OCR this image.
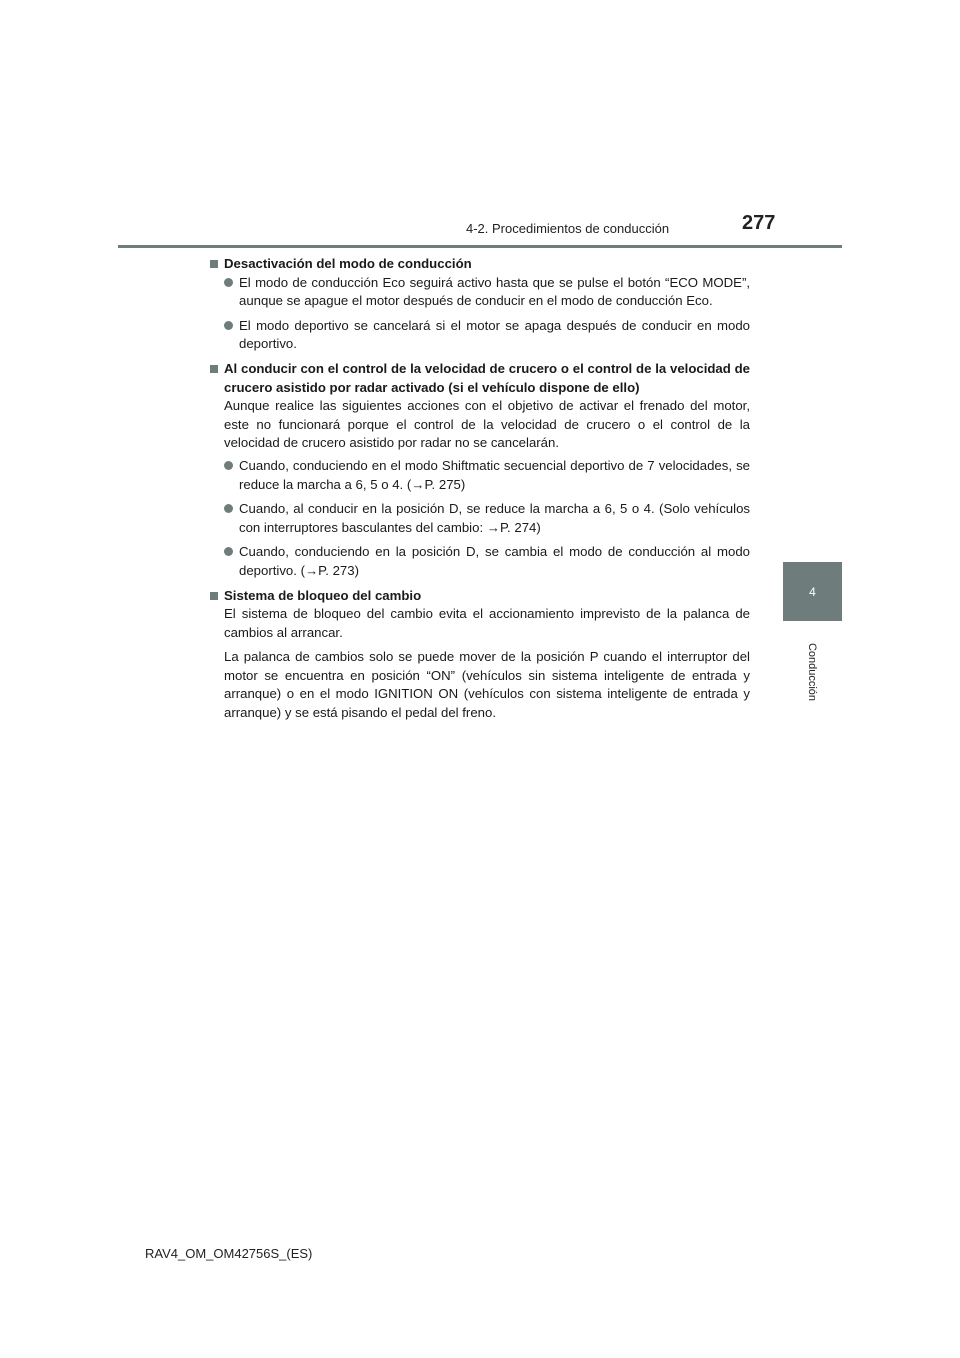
4-2. Procedimientos de conducción	277
4
Conducción
Desactivación del modo de conducción
El modo de conducción Eco seguirá activo hasta que se pulse el botón “ECO MODE”, aunque se apague el motor después de conducir en el modo de conducción Eco.
El modo deportivo se cancelará si el motor se apaga después de conducir en modo deportivo.
Al conducir con el control de la velocidad de crucero o el control de la velocidad de crucero asistido por radar activado (si el vehículo dispone de ello)
Aunque realice las siguientes acciones con el objetivo de activar el frenado del motor, este no funcionará porque el control de la velocidad de crucero o el control de la velocidad de crucero asistido por radar no se cancelarán.
Cuando, conduciendo en el modo Shiftmatic secuencial deportivo de 7 velocidades, se reduce la marcha a 6, 5 o 4. (→P. 275)
Cuando, al conducir en la posición D, se reduce la marcha a 6, 5 o 4. (Solo vehículos con interruptores basculantes del cambio: →P. 274)
Cuando, conduciendo en la posición D, se cambia el modo de conducción al modo deportivo. (→P. 273)
Sistema de bloqueo del cambio
El sistema de bloqueo del cambio evita el accionamiento imprevisto de la palanca de cambios al arrancar.
La palanca de cambios solo se puede mover de la posición P cuando el interruptor del motor se encuentra en posición “ON” (vehículos sin sistema inteligente de entrada y arranque) o en el modo IGNITION ON (vehículos con sistema inteligente de entrada y arranque) y se está pisando el pedal del freno.
RAV4_OM_OM42756S_(ES)
